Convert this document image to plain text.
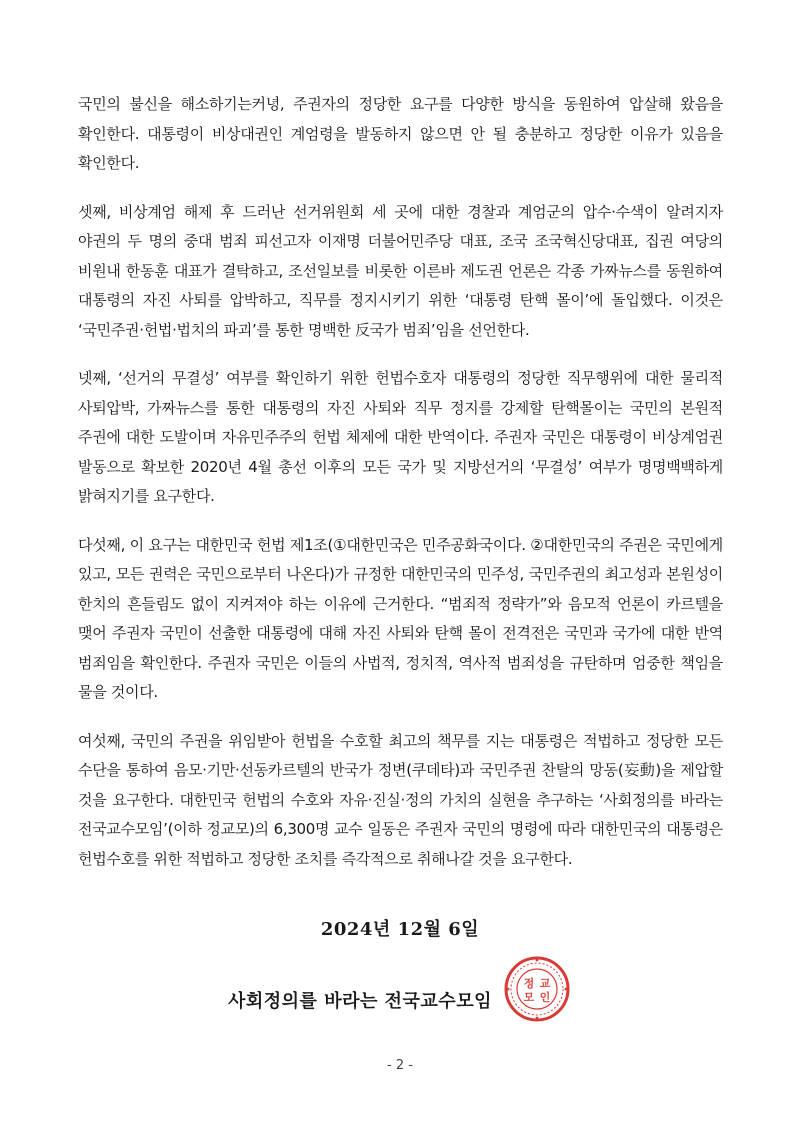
국민의 불신을 해소하기는커녕, 주권자의 정당한 요구를 다양한 방식을 동원하여 압살해 왔음을 확인한다. 대통령이 비상대권인 계엄령을 발동하지 않으면 안 될 충분하고 정당한 이유가 있음을 확인한다.

셋째, 비상계엄 해제 후 드러난 선거위원회 세 곳에 대한 경찰과 계엄군의 압수·수색이 알려지자 야권의 두 명의 중대 범죄 피선고자 이재명 더불어민주당 대표, 조국 조국혁신당대표, 집권 여당의 비원내 한동훈 대표가 결탁하고, 조선일보를 비롯한 이른바 제도권 언론은 각종 가짜뉴스를 동원하여 대통령의 자진 사퇴를 압박하고, 직무를 정지시키기 위한 ‘대통령 탄핵 몰이’에 돌입했다. 이것은 ‘국민주권·헌법·법치의 파괴’를 통한 명백한 反국가 범죄’임을 선언한다.

넷째, ‘선거의 무결성’ 여부를 확인하기 위한 헌법수호자 대통령의 정당한 직무행위에 대한 물리적 사퇴압박, 가짜뉴스를 통한 대통령의 자진 사퇴와 직무 정지를 강제할 탄핵몰이는 국민의 본원적 주권에 대한 도발이며 자유민주주의 헌법 체제에 대한 반역이다. 주권자 국민은 대통령이 비상계엄권 발동으로 확보한 2020년 4월 총선 이후의 모든 국가 및 지방선거의 ‘무결성’ 여부가 명명백백하게 밝혀지기를 요구한다.

다섯째, 이 요구는 대한민국 헌법 제1조(①대한민국은 민주공화국이다. ②대한민국의 주권은 국민에게 있고, 모든 권력은 국민으로부터 나온다)가 규정한 대한민국의 민주성, 국민주권의 최고성과 본원성이 한치의 흔들림도 없이 지켜져야 하는 이유에 근거한다. “범죄적 정략가”와 음모적 언론이 카르텔을 맺어 주권자 국민이 선출한 대통령에 대해 자진 사퇴와 탄핵 몰이 전격전은 국민과 국가에 대한 반역 범죄임을 확인한다. 주권자 국민은 이들의 사법적, 정치적, 역사적 범죄성을 규탄하며 엄중한 책임을 물을 것이다.

여섯째, 국민의 주권을 위임받아 헌법을 수호할 최고의 책무를 지는 대통령은 적법하고 정당한 모든 수단을 통하여 음모·기만·선동카르텔의 반국가 정변(쿠데타)과 국민주권 찬탈의 망동(妄動)을 제압할 것을 요구한다. 대한민국 헌법의 수호와 자유·진실·정의 가치의 실현을 추구하는 ‘사회정의를 바라는 전국교수모임’(이하 정교모)의 6,300명 교수 일동은 주권자 국민의 명령에 따라 대한민국의 대통령은 헌법수호를 위한 적법하고 정당한 조치를 즉각적으로 취해나갈 것을 요구한다.

2024년 12월 6일
사회정의를 바라는 전국교수모임
정 교
모 인
- 2 -
